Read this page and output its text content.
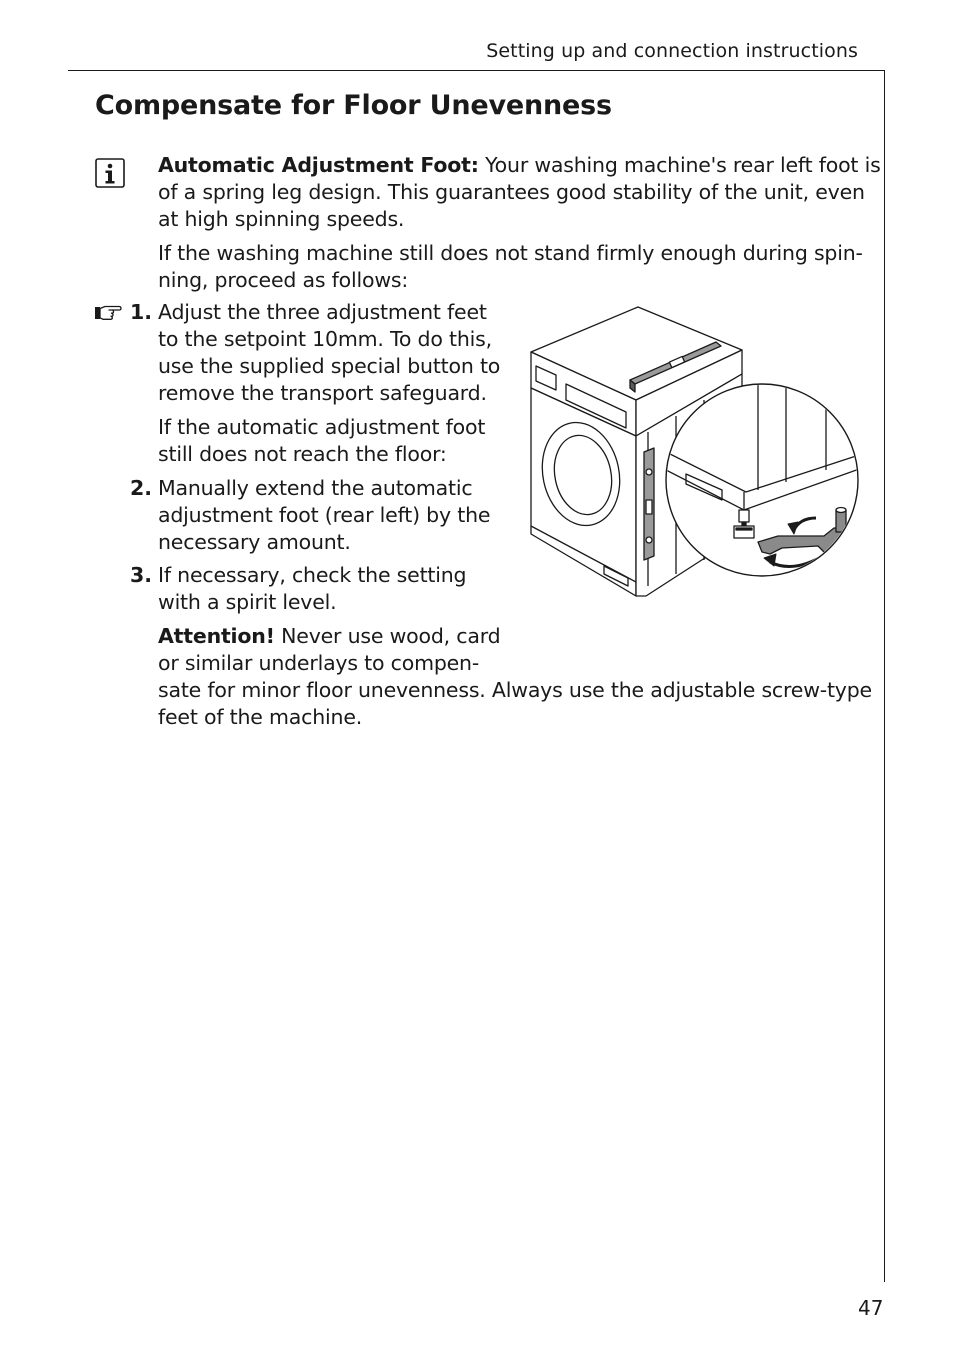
Setting up and connection instructions
Compensate for Floor Unevenness
Automatic Adjustment Foot: Your washing machine's rear left foot is
of a spring leg design. This guarantees good stability of the unit, even
at high spinning speeds.
If the washing machine still does not stand firmly enough during spin-
ning, proceed as follows:
1. Adjust the three adjustment feet
to the setpoint 10mm. To do this,
use the supplied special button to
remove the transport safeguard.
If the automatic adjustment foot
still does not reach the floor:
2. Manually extend the automatic
adjustment foot (rear left) by the
necessary amount.
3. If necessary, check the setting
with a spirit level.
Attention! Never use wood, card
or similar underlays to compen-
sate for minor floor unevenness. Always use the adjustable screw-type
feet of the machine.
47
